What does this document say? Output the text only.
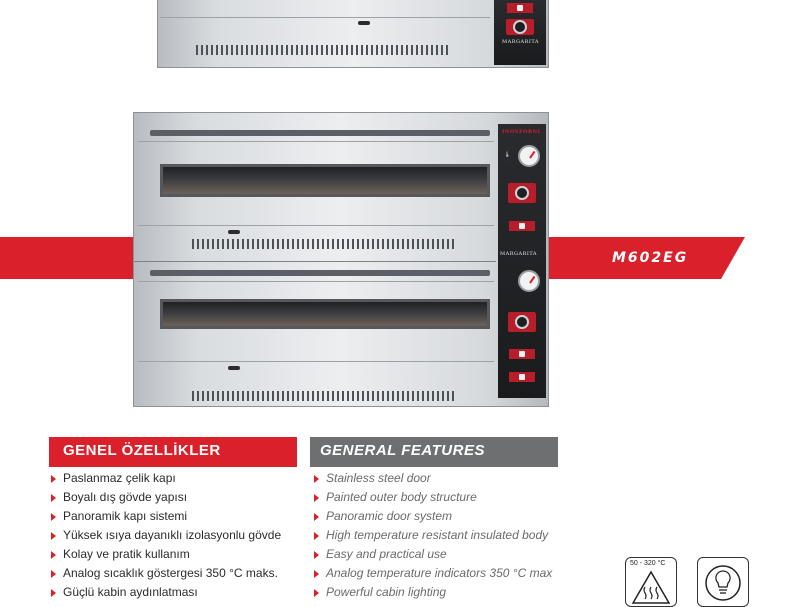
MARGARITA
M602EG
INOXFORNI
🌡
MARGARITA
GENEL ÖZELLİKLER
Paslanmaz çelik kapı
Boyalı dış gövde yapısı
Panoramik kapı sistemi
Yüksek ısıya dayanıklı izolasyonlu gövde
Kolay ve pratik kullanım
Analog sıcaklık göstergesi 350 °C maks.
Güçlü kabin aydınlatması
GENERAL FEATURES
Stainless steel door
Painted outer body structure
Panoramic door system
High temperature resistant insulated body
Easy and practical use
Analog temperature indicators 350 °C max
Powerful cabin lighting
50 - 320 °C
